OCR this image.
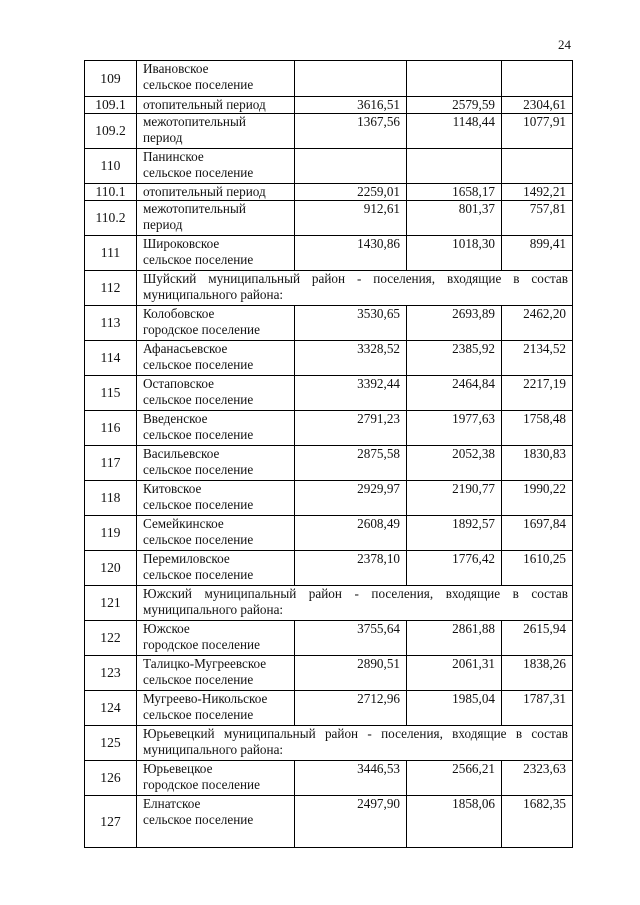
24
109	Ивановское
сельское поселение			

109.1	отопительный период	3616,51	2579,59	2304,61
109.2	межотопительный
период	1367,56	1148,44	1077,91
110	Панинское
сельское поселение			

110.1	отопительный период	2259,01	1658,17	1492,21
110.2	межотопительный
период	912,61	801,37	757,81
111	Широковское
сельское поселение	1430,86	1018,30	899,41
112	Шуйский муниципальный район - поселения, входящие в состав муниципального района:			
113	Колобовское
городское поселение	3530,65	2693,89	2462,20
114	Афанасьевское
сельское поселение	3328,52	2385,92	2134,52
115	Остаповское
сельское поселение	3392,44	2464,84	2217,19
116	Введенское
сельское поселение	2791,23	1977,63	1758,48
117	Васильевское
сельское поселение	2875,58	2052,38	1830,83
118	Китовское
сельское поселение	2929,97	2190,77	1990,22
119	Семейкинское
сельское поселение	2608,49	1892,57	1697,84
120	Перемиловское
сельское поселение	2378,10	1776,42	1610,25
121	Южский муниципальный район - поселения, входящие в состав муниципального района:			
122	Южское
городское поселение	3755,64	2861,88	2615,94
123	Талицко-Мугреевское
сельское поселение	2890,51	2061,31	1838,26
124	Мугреево-Никольское
сельское поселение	2712,96	1985,04	1787,31
125	Юрьевецкий муниципальный район - поселения, входящие в состав муниципального района:			
126	Юрьевецкое
городское поселение	3446,53	2566,21	2323,63
127	Елнатское
сельское поселение	2497,90	1858,06	1682,35
